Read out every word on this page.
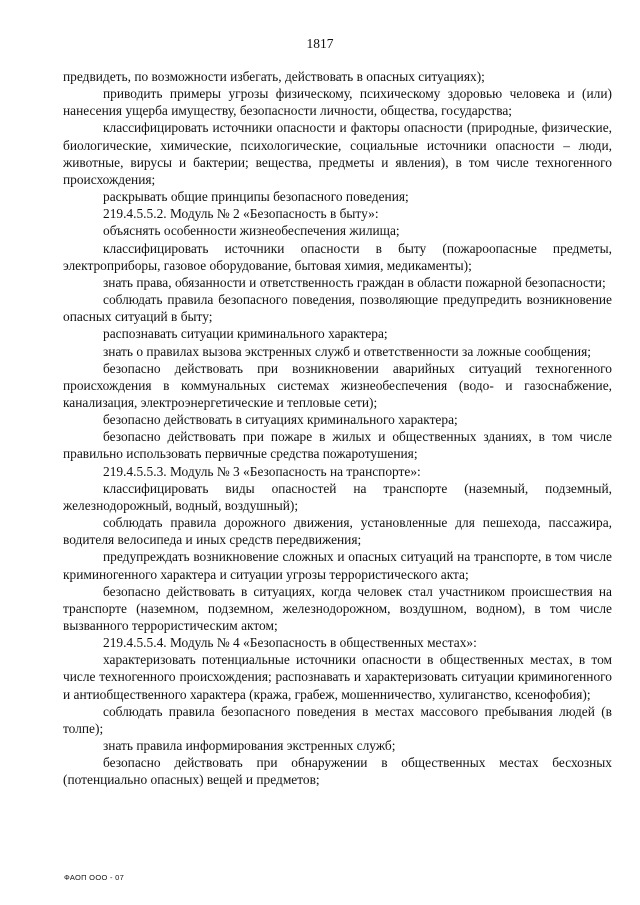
1817

предвидеть, по возможности избегать, действовать в опасных ситуациях);

приводить примеры угрозы физическому, психическому здоровью человека и (или) нанесения ущерба имуществу, безопасности личности, общества, государства;

классифицировать источники опасности и факторы опасности (природные, физические, биологические, химические, психологические, социальные источники опасности – люди, животные, вирусы и бактерии; вещества, предметы и явления), в том числе техногенного происхождения;

раскрывать общие принципы безопасного поведения;

219.4.5.5.2. Модуль № 2 «Безопасность в быту»:

объяснять особенности жизнеобеспечения жилища;

классифицировать источники опасности в быту (пожароопасные предметы, электроприборы, газовое оборудование, бытовая химия, медикаменты);

знать права, обязанности и ответственность граждан в области пожарной безопасности;

соблюдать правила безопасного поведения, позволяющие предупредить возникновение опасных ситуаций в быту;

распознавать ситуации криминального характера;

знать о правилах вызова экстренных служб и ответственности за ложные сообщения;

безопасно действовать при возникновении аварийных ситуаций техногенного происхождения в коммунальных системах жизнеобеспечения (водо- и газоснабжение, канализация, электроэнергетические и тепловые сети);

безопасно действовать в ситуациях криминального характера;

безопасно действовать при пожаре в жилых и общественных зданиях, в том числе правильно использовать первичные средства пожаротушения;

219.4.5.5.3. Модуль № 3 «Безопасность на транспорте»:

классифицировать виды опасностей на транспорте (наземный, подземный, железнодорожный, водный, воздушный);

соблюдать правила дорожного движения, установленные для пешехода, пассажира, водителя велосипеда и иных средств передвижения;

предупреждать возникновение сложных и опасных ситуаций на транспорте, в том числе криминогенного характера и ситуации угрозы террористического акта;

безопасно действовать в ситуациях, когда человек стал участником происшествия на транспорте (наземном, подземном, железнодорожном, воздушном, водном), в том числе вызванного террористическим актом;

219.4.5.5.4. Модуль № 4 «Безопасность в общественных местах»:

характеризовать потенциальные источники опасности в общественных местах, в том числе техногенного происхождения; распознавать и характеризовать ситуации криминогенного и антиобщественного характера (кража, грабеж, мошенничество, хулиганство, ксенофобия);

соблюдать правила безопасного поведения в местах массового пребывания людей (в толпе);

знать правила информирования экстренных служб;

безопасно действовать при обнаружении в общественных местах бесхозных (потенциально опасных) вещей и предметов;

ФАОП ООО - 07
